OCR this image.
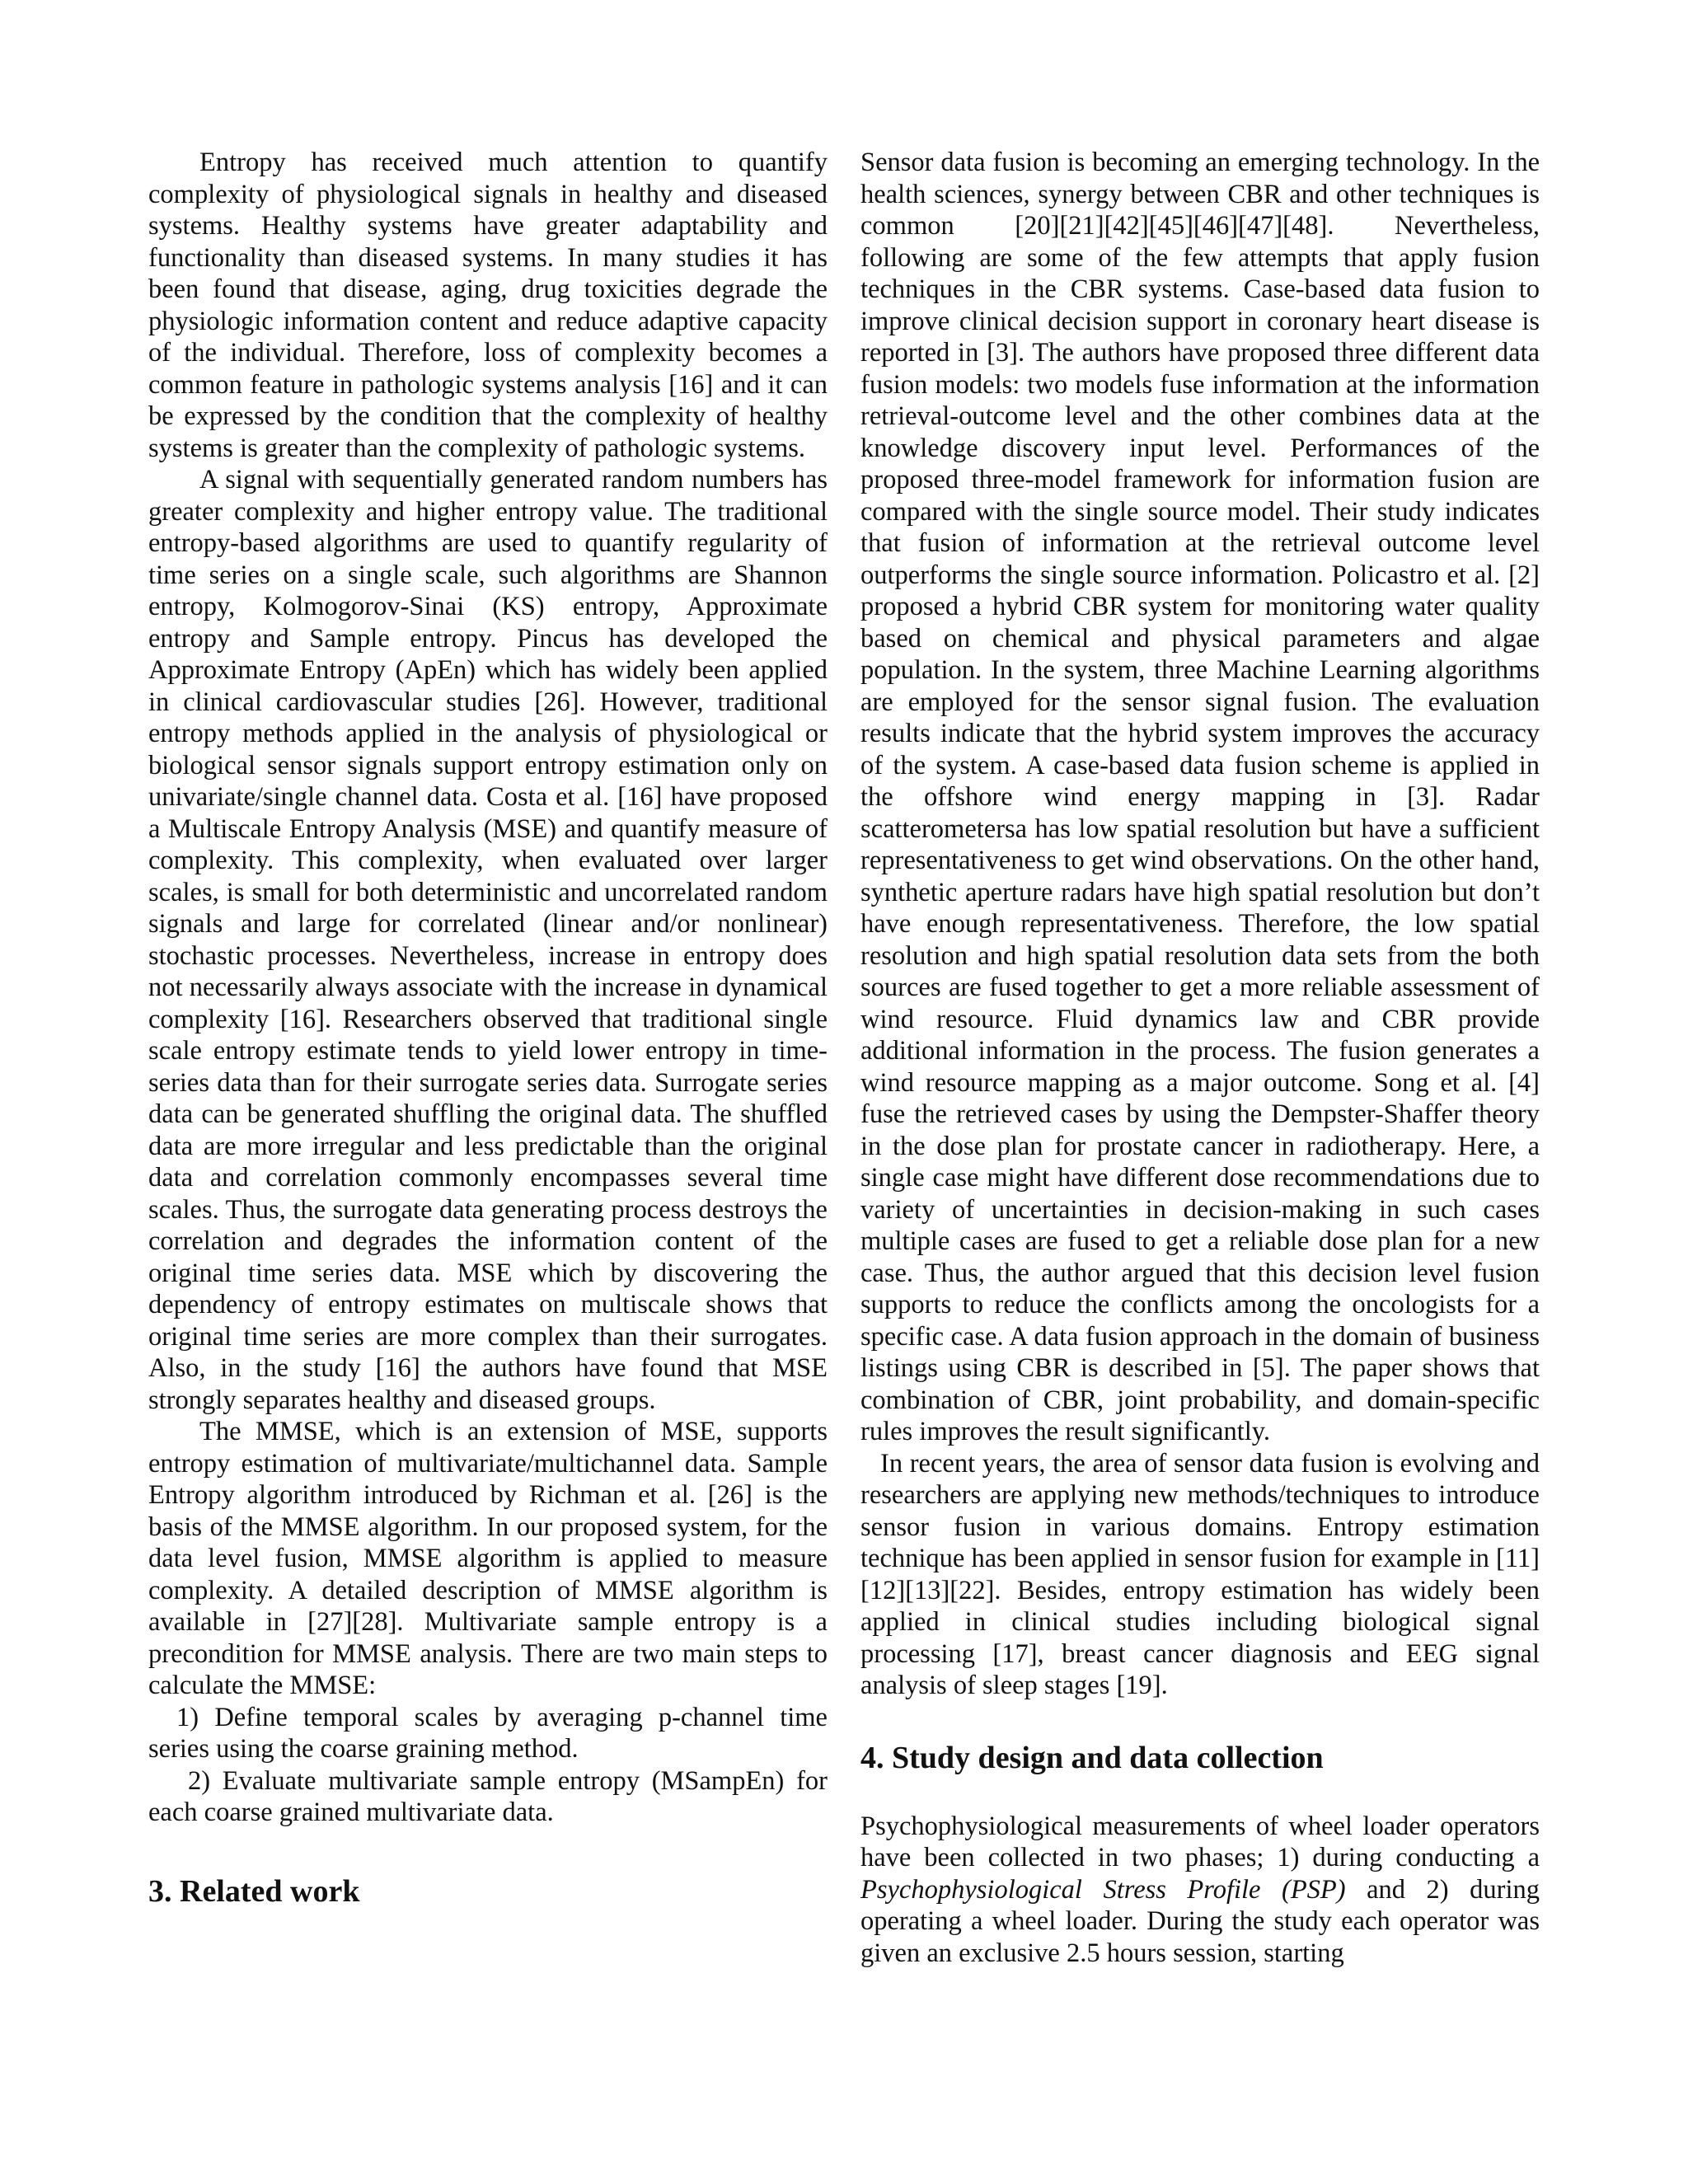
Entropy has received much attention to quantify complexity of physiological signals in healthy and diseased systems. Healthy systems have greater adaptability and functionality than diseased systems. In many studies it has been found that disease, aging, drug toxicities degrade the physiologic information content and reduce adaptive capacity of the individual. Therefore, loss of complexity becomes a common feature in pathologic systems analysis [16] and it can be expressed by the condition that the complexity of healthy systems is greater than the complexity of pathologic systems.

A signal with sequentially generated random numbers has greater complexity and higher entropy value. The traditional entropy-based algorithms are used to quantify regularity of time series on a single scale, such algorithms are Shannon entropy, Kolmogorov-Sinai (KS) entropy, Approximate entropy and Sample entropy. Pincus has developed the Approximate Entropy (ApEn) which has widely been applied in clinical cardiovascular studies [26]. However, traditional entropy methods applied in the analysis of physiological or biological sensor signals support entropy estimation only on univariate/single channel data. Costa et al. [16] have proposed a Multiscale Entropy Analysis (MSE) and quantify measure of complexity. This complexity, when evaluated over larger scales, is small for both deterministic and uncorrelated random signals and large for correlated (linear and/or nonlinear) stochastic processes. Nevertheless, increase in entropy does not necessarily always associate with the increase in dynamical complexity [16]. Researchers observed that traditional single scale entropy estimate tends to yield lower entropy in time-series data than for their surrogate series data. Surrogate series data can be generated shuffling the original data. The shuffled data are more irregular and less predictable than the original data and correlation commonly encompasses several time scales. Thus, the surrogate data generating process destroys the correlation and degrades the information content of the original time series data. MSE which by discovering the dependency of entropy estimates on multiscale shows that original time series are more complex than their surrogates. Also, in the study [16] the authors have found that MSE strongly separates healthy and diseased groups.

The MMSE, which is an extension of MSE, supports entropy estimation of multivariate/multichannel data. Sample Entropy algorithm introduced by Richman et al. [26] is the basis of the MMSE algorithm. In our proposed system, for the data level fusion, MMSE algorithm is applied to measure complexity. A detailed description of MMSE algorithm is available in [27][28]. Multivariate sample entropy is a precondition for MMSE analysis. There are two main steps to calculate the MMSE:

1) Define temporal scales by averaging p-channel time series using the coarse graining method.

2) Evaluate multivariate sample entropy (MSampEn) for each coarse grained multivariate data.

3. Related work

Sensor data fusion is becoming an emerging technology. In the health sciences, synergy between CBR and other techniques is common [20][21][42][45][46][47][48]. Nevertheless, following are some of the few attempts that apply fusion techniques in the CBR systems. Case-based data fusion to improve clinical decision support in coronary heart disease is reported in [3]. The authors have proposed three different data fusion models: two models fuse information at the information retrieval-outcome level and the other combines data at the knowledge discovery input level. Performances of the proposed three-model framework for information fusion are compared with the single source model. Their study indicates that fusion of information at the retrieval outcome level outperforms the single source information. Policastro et al. [2] proposed a hybrid CBR system for monitoring water quality based on chemical and physical parameters and algae population. In the system, three Machine Learning algorithms are employed for the sensor signal fusion. The evaluation results indicate that the hybrid system improves the accuracy of the system. A case-based data fusion scheme is applied in the offshore wind energy mapping in [3]. Radar scatterometersa has low spatial resolution but have a sufficient representativeness to get wind observations. On the other hand, synthetic aperture radars have high spatial resolution but don’t have enough representativeness. Therefore, the low spatial resolution and high spatial resolution data sets from the both sources are fused together to get a more reliable assessment of wind resource. Fluid dynamics law and CBR provide additional information in the process. The fusion generates a wind resource mapping as a major outcome. Song et al. [4] fuse the retrieved cases by using the Dempster-Shaffer theory in the dose plan for prostate cancer in radiotherapy. Here, a single case might have different dose recommendations due to variety of uncertainties in decision-making in such cases multiple cases are fused to get a reliable dose plan for a new case. Thus, the author argued that this decision level fusion supports to reduce the conflicts among the oncologists for a specific case. A data fusion approach in the domain of business listings using CBR is described in [5]. The paper shows that combination of CBR, joint probability, and domain-specific rules improves the result significantly.

In recent years, the area of sensor data fusion is evolving and researchers are applying new methods/techniques to introduce sensor fusion in various domains. Entropy estimation technique has been applied in sensor fusion for example in [11][12][13][22]. Besides, entropy estimation has widely been applied in clinical studies including biological signal processing [17], breast cancer diagnosis and EEG signal analysis of sleep stages [19].

4. Study design and data collection

Psychophysiological measurements of wheel loader operators have been collected in two phases; 1) during conducting a Psychophysiological Stress Profile (PSP) and 2) during operating a wheel loader. During the study each operator was given an exclusive 2.5 hours session, starting
